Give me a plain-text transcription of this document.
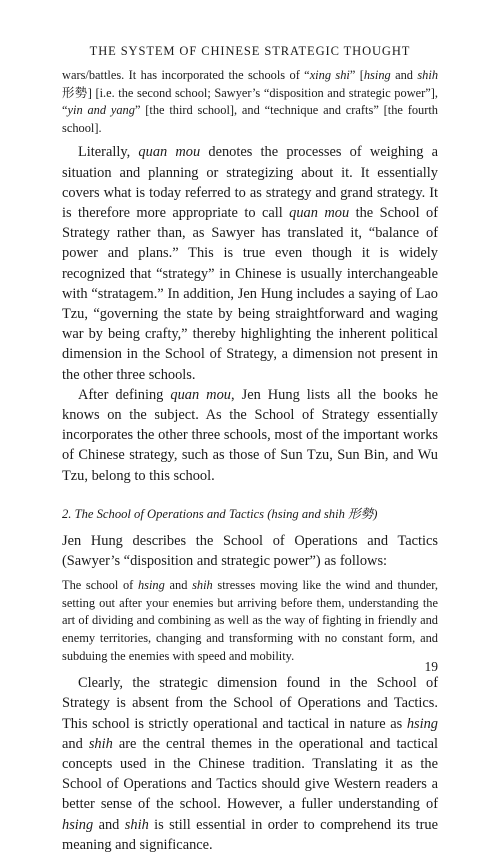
THE SYSTEM OF CHINESE STRATEGIC THOUGHT

wars/battles. It has incorporated the schools of “xing shi” [hsing and shih 形勢] [i.e. the second school; Sawyer’s “disposition and strategic power”], “yin and yang” [the third school], and “technique and crafts” [the fourth school].

Literally, quan mou denotes the processes of weighing a situation and planning or strategizing about it. It essentially covers what is today referred to as strategy and grand strategy. It is therefore more appropriate to call quan mou the School of Strategy rather than, as Sawyer has translated it, “balance of power and plans.” This is true even though it is widely recognized that “strategy” in Chinese is usually interchangeable with “stratagem.” In addition, Jen Hung includes a saying of Lao Tzu, “governing the state by being straightforward and waging war by being crafty,” thereby highlighting the inherent political dimension in the School of Strategy, a dimension not present in the other three schools.

After defining quan mou, Jen Hung lists all the books he knows on the subject. As the School of Strategy essentially incorporates the other three schools, most of the important works of Chinese strategy, such as those of Sun Tzu, Sun Bin, and Wu Tzu, belong to this school.

2. The School of Operations and Tactics (hsing and shih 形勢)

Jen Hung describes the School of Operations and Tactics (Sawyer’s “disposition and strategic power”) as follows:

The school of hsing and shih stresses moving like the wind and thunder, setting out after your enemies but arriving before them, understanding the art of dividing and combining as well as the way of fighting in friendly and enemy territories, changing and transforming with no constant form, and subduing the enemies with speed and mobility.

Clearly, the strategic dimension found in the School of Strategy is absent from the School of Operations and Tactics. This school is strictly operational and tactical in nature as hsing and shih are the central themes in the operational and tactical concepts used in the Chinese tradition. Translating it as the School of Operations and Tactics should give Western readers a better sense of the school. However, a fuller understanding of hsing and shih is still essential in order to comprehend its true meaning and significance.

19
